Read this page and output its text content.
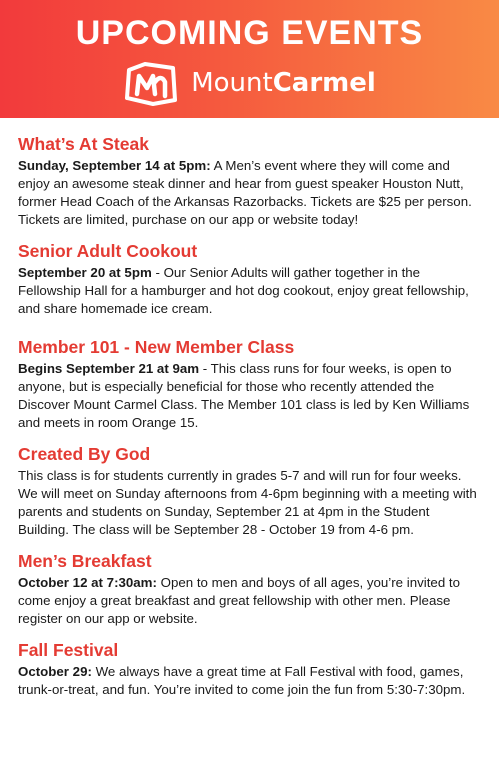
UPCOMING EVENTS
MountCarmel
What’s At Steak

Sunday, September 14 at 5pm: A Men’s event where they will come and enjoy an awesome steak dinner and hear from guest speaker Houston Nutt, former Head Coach of the Arkansas Razorbacks. Tickets are $25 per person. Tickets are limited, purchase on our app or website today!

Senior Adult Cookout

September 20 at 5pm - Our Senior Adults will gather together in the Fellowship Hall for a hamburger and hot dog cookout, enjoy great fellowship, and share homemade ice cream.

Member 101 - New Member Class

Begins September 21 at 9am - This class runs for four weeks, is open to anyone, but is especially beneficial for those who recently attended the Discover Mount Carmel Class. The Member 101 class is led by Ken Williams and meets in room Orange 15.

Created By God

This class is for students currently in grades 5-7 and will run for four weeks. We will meet on Sunday afternoons from 4-6pm beginning with a meeting with parents and students on Sunday, September 21 at 4pm in the Student Building. The class will be September 28 - October 19 from 4-6 pm.

Men’s Breakfast

October 12 at 7:30am: Open to men and boys of all ages, you’re invited to come enjoy a great breakfast and great fellowship with other men. Please register on our app or website.

Fall Festival

October 29: We always have a great time at Fall Festival with food, games, trunk-or-treat, and fun. You’re invited to come join the fun from 5:30-7:30pm.
